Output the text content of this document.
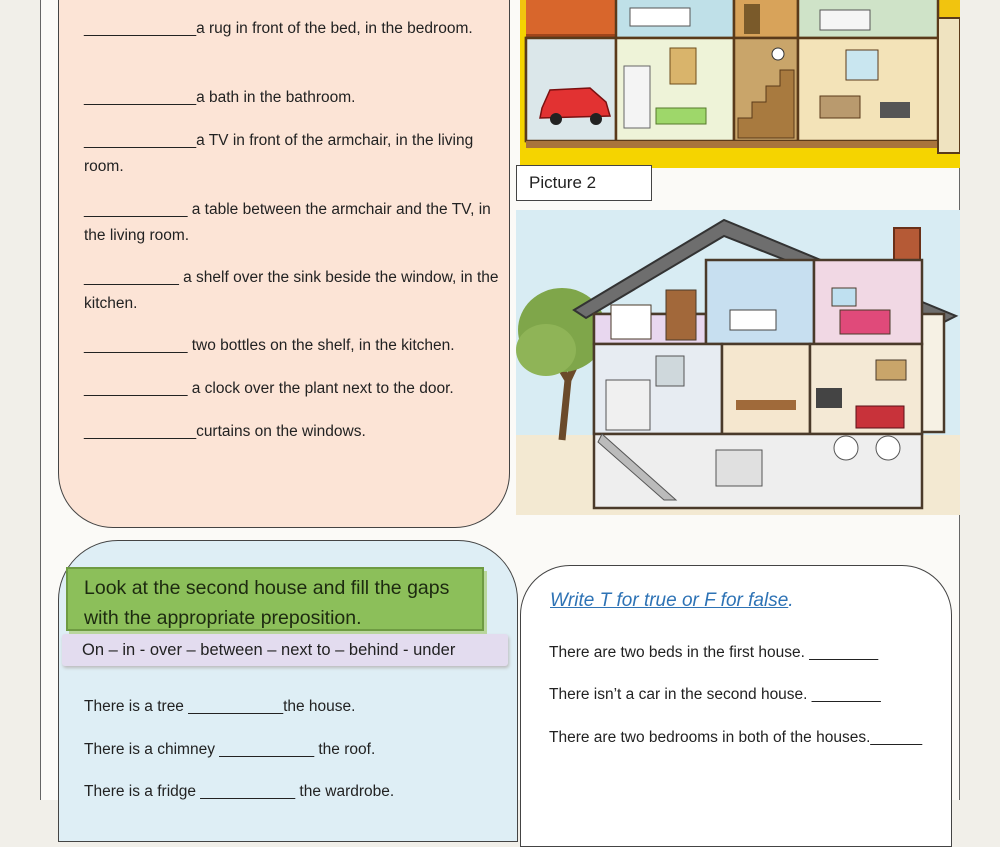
_____________a rug in front of the bed, in the bedroom.
_____________a bath in the bathroom.
_____________a TV in front of the armchair, in the living room.
____________ a table between the armchair and the TV, in the living room.
___________ a shelf over the sink beside the window, in the kitchen.
____________ two bottles on the shelf, in the kitchen.
____________ a clock over the plant next to the door.
_____________curtains on the windows.
Picture 2
Look at the second house and fill the gaps with the appropriate preposition.
On – in - over – between – next to – behind - under
There is a tree ___________the house.
There is a chimney ___________ the roof.
There is a fridge ___________ the wardrobe.
Write T for true or F for false.
There are two beds in the first house. ________
There isn’t a car in the second house. ________
There are two bedrooms in both of the houses.______
